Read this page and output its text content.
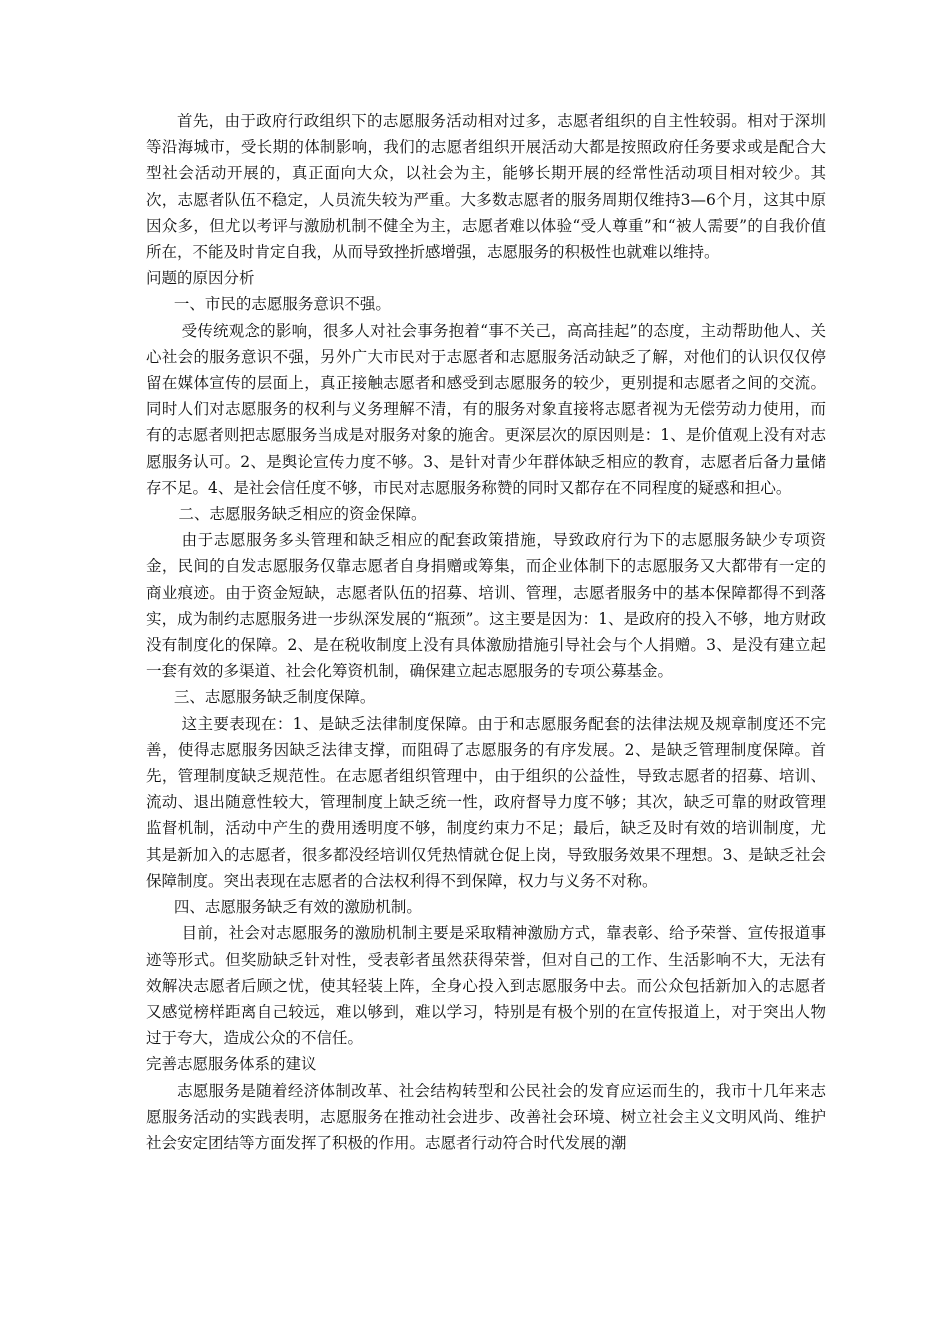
首先，由于政府行政组织下的志愿服务活动相对过多，志愿者组织的自主性较弱。相对于深圳等沿海城市，受长期的体制影响，我们的志愿者组织开展活动大都是按照政府任务要求或是配合大型社会活动开展的，真正面向大众，以社会为主，能够长期开展的经常性活动项目相对较少。其次，志愿者队伍不稳定，人员流失较为严重。大多数志愿者的服务周期仅维持3—6个月，这其中原因众多，但尤以考评与激励机制不健全为主，志愿者难以体验“受人尊重”和“被人需要”的自我价值所在，不能及时肯定自我，从而导致挫折感增强，志愿服务的积极性也就难以维持。

问题的原因分析

一、市民的志愿服务意识不强。

受传统观念的影响，很多人对社会事务抱着“事不关己，高高挂起”的态度，主动帮助他人、关心社会的服务意识不强，另外广大市民对于志愿者和志愿服务活动缺乏了解，对他们的认识仅仅停留在媒体宣传的层面上，真正接触志愿者和感受到志愿服务的较少，更别提和志愿者之间的交流。同时人们对志愿服务的权利与义务理解不清，有的服务对象直接将志愿者视为无偿劳动力使用，而有的志愿者则把志愿服务当成是对服务对象的施舍。更深层次的原因则是：1、是价值观上没有对志愿服务认可。2、是舆论宣传力度不够。3、是针对青少年群体缺乏相应的教育，志愿者后备力量储存不足。4、是社会信任度不够，市民对志愿服务称赞的同时又都存在不同程度的疑惑和担心。

二、志愿服务缺乏相应的资金保障。

由于志愿服务多头管理和缺乏相应的配套政策措施，导致政府行为下的志愿服务缺少专项资金，民间的自发志愿服务仅靠志愿者自身捐赠或筹集，而企业体制下的志愿服务又大都带有一定的商业痕迹。由于资金短缺，志愿者队伍的招募、培训、管理，志愿者服务中的基本保障都得不到落实，成为制约志愿服务进一步纵深发展的“瓶颈”。这主要是因为：1、是政府的投入不够，地方财政没有制度化的保障。2、是在税收制度上没有具体激励措施引导社会与个人捐赠。3、是没有建立起一套有效的多渠道、社会化筹资机制，确保建立起志愿服务的专项公募基金。

三、志愿服务缺乏制度保障。

这主要表现在：1、是缺乏法律制度保障。由于和志愿服务配套的法律法规及规章制度还不完善，使得志愿服务因缺乏法律支撑，而阻碍了志愿服务的有序发展。2、是缺乏管理制度保障。首先，管理制度缺乏规范性。在志愿者组织管理中，由于组织的公益性，导致志愿者的招募、培训、流动、退出随意性较大，管理制度上缺乏统一性，政府督导力度不够；其次，缺乏可靠的财政管理监督机制，活动中产生的费用透明度不够，制度约束力不足；最后，缺乏及时有效的培训制度，尤其是新加入的志愿者，很多都没经培训仅凭热情就仓促上岗，导致服务效果不理想。3、是缺乏社会保障制度。突出表现在志愿者的合法权利得不到保障，权力与义务不对称。

四、志愿服务缺乏有效的激励机制。

目前，社会对志愿服务的激励机制主要是采取精神激励方式，靠表彰、给予荣誉、宣传报道事迹等形式。但奖励缺乏针对性，受表彰者虽然获得荣誉，但对自己的工作、生活影响不大，无法有效解决志愿者后顾之忧，使其轻装上阵，全身心投入到志愿服务中去。而公众包括新加入的志愿者又感觉榜样距离自己较远，难以够到，难以学习，特别是有极个别的在宣传报道上，对于突出人物过于夸大，造成公众的不信任。

完善志愿服务体系的建议

志愿服务是随着经济体制改革、社会结构转型和公民社会的发育应运而生的，我市十几年来志愿服务活动的实践表明，志愿服务在推动社会进步、改善社会环境、树立社会主义文明风尚、维护社会安定团结等方面发挥了积极的作用。志愿者行动符合时代发展的潮
